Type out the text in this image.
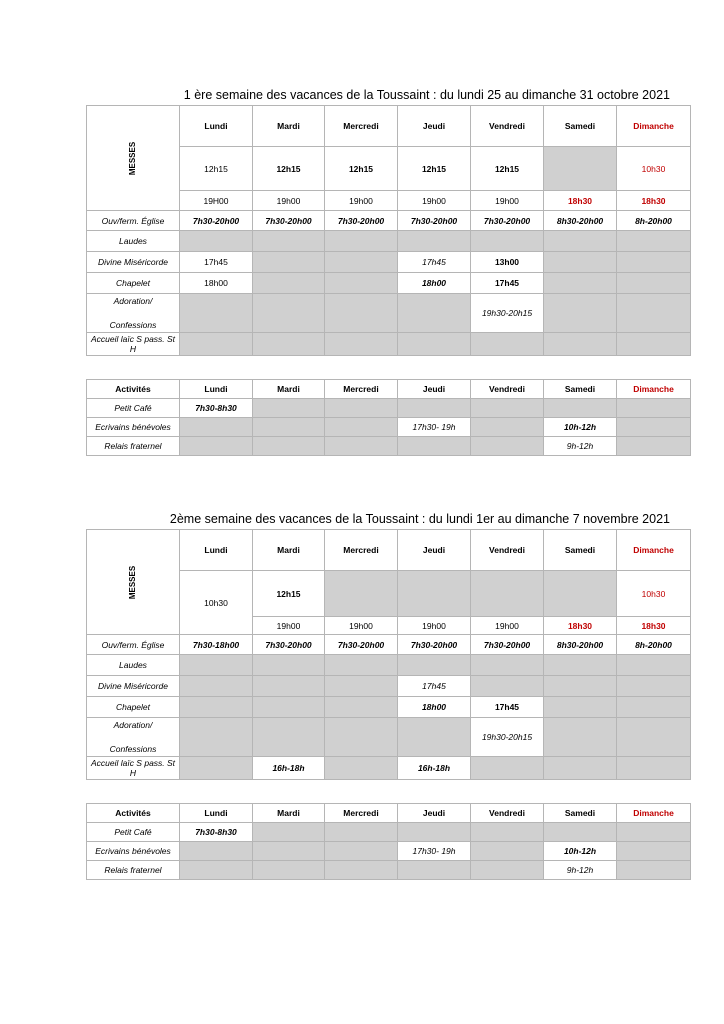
1 ère semaine des vacances de la Toussaint : du lundi 25 au dimanche 31 octobre 2021
MESSES	Lundi	Mardi	Mercredi	Jeudi	Vendredi	Samedi	Dimanche
	12h15	12h15	12h15	12h15	12h15		10h30
	19H00	19h00	19h00	19h00	19h00	18h30	18h30
Ouv/ferm. Église	7h30-20h00	7h30-20h00	7h30-20h00	7h30-20h00	7h30-20h00	8h30-20h00	8h-20h00
Laudes							
Divine Miséricorde	17h45			17h45	13h00		
Chapelet	18h00			18h00	17h45		
Adoration/

Confessions					19h30-20h15		
Accueil laïc S pass. St H							
Activités	Lundi	Mardi	Mercredi	Jeudi	Vendredi	Samedi	Dimanche
Petit Café	7h30-8h30						
Ecrivains bénévoles				17h30- 19h		10h-12h	
Relais fraternel						9h-12h	
2ème semaine des vacances de la Toussaint : du lundi 1er au dimanche 7 novembre 2021
MESSES	Lundi	Mardi	Mercredi	Jeudi	Vendredi	Samedi	Dimanche
	10h30	12h15					10h30
		19h00	19h00	19h00	19h00	18h30	18h30
Ouv/ferm. Église	7h30-18h00	7h30-20h00	7h30-20h00	7h30-20h00	7h30-20h00	8h30-20h00	8h-20h00
Laudes							
Divine Miséricorde				17h45			
Chapelet				18h00	17h45		
Adoration/

Confessions					19h30-20h15		
Accueil laïc S pass. St H		16h-18h		16h-18h			
Activités	Lundi	Mardi	Mercredi	Jeudi	Vendredi	Samedi	Dimanche
Petit Café	7h30-8h30						
Ecrivains bénévoles				17h30- 19h		10h-12h	
Relais fraternel						9h-12h	
